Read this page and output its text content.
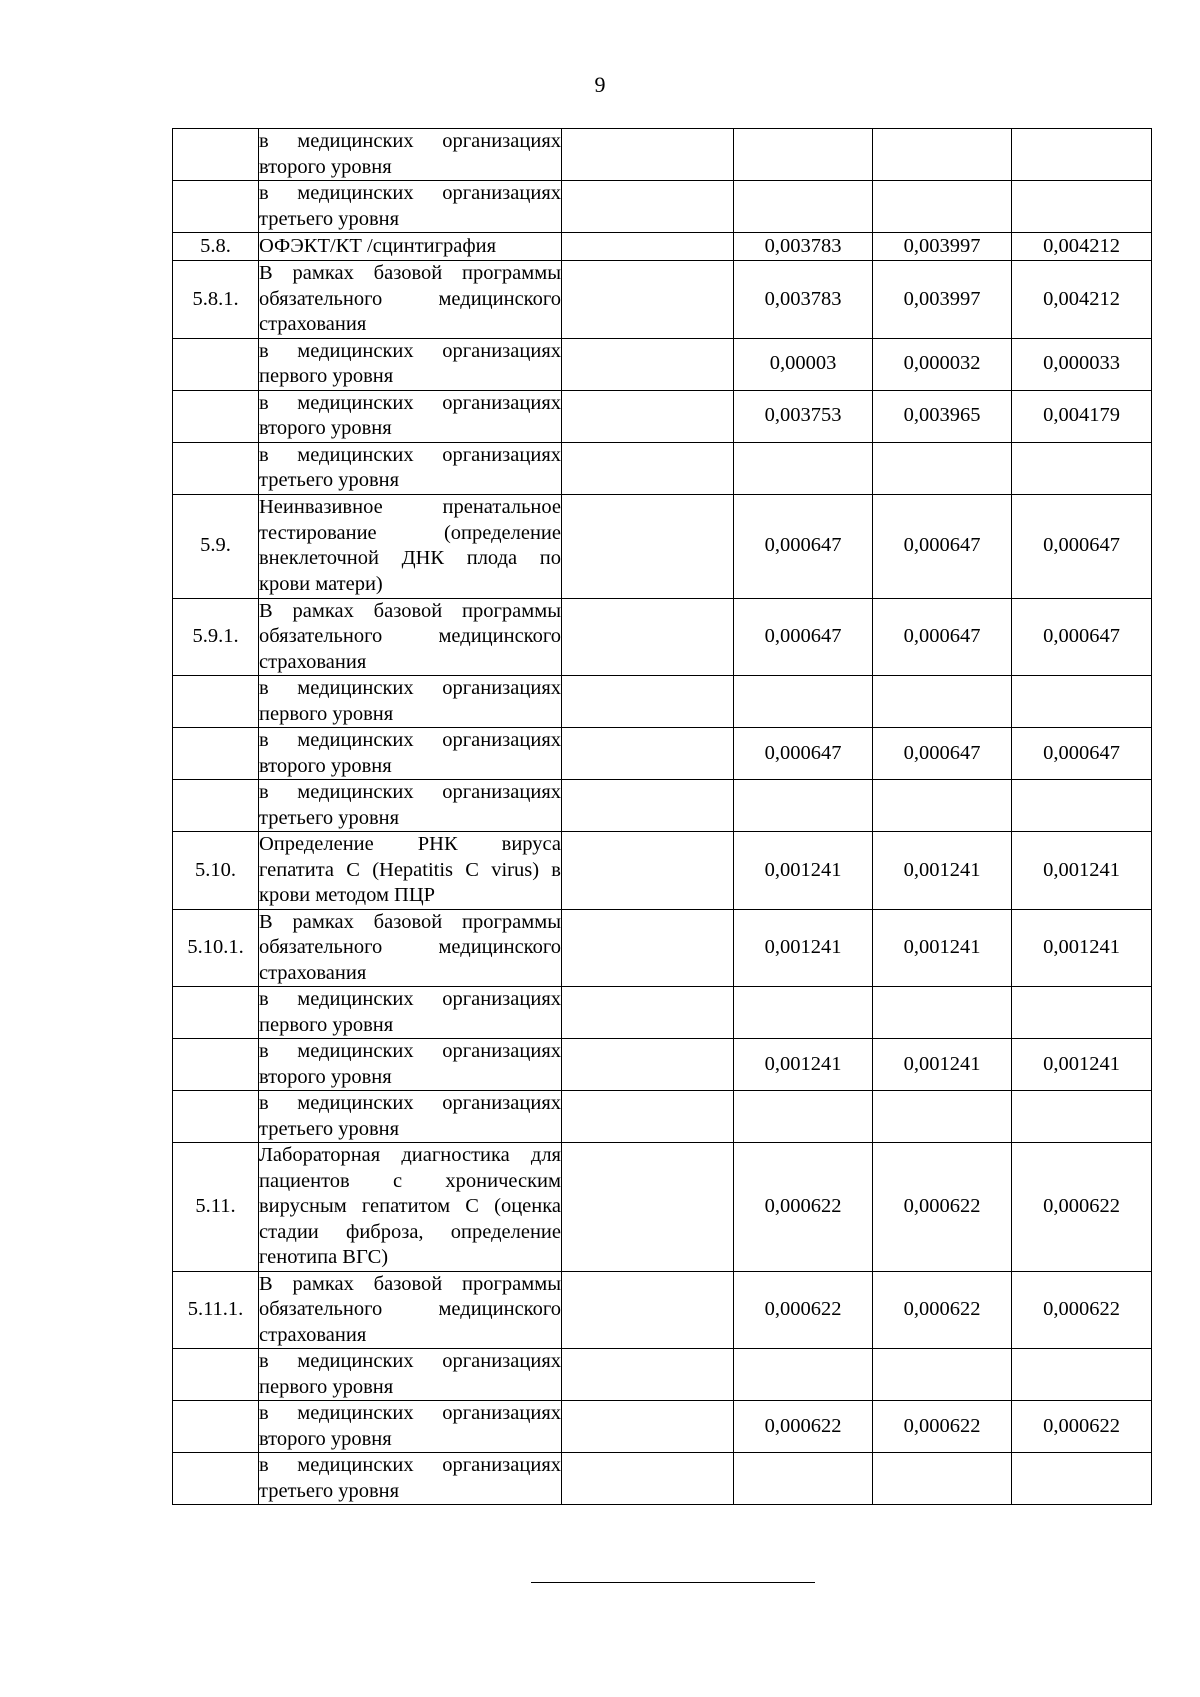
9
	в медицинских организациях второго уровня				
	в медицинских организациях третьего уровня				
5.8.	ОФЭКТ/КТ /сцинтиграфия		0,003783	0,003997	0,004212
5.8.1.	В рамках базовой программы обязательного медицинского страхования		0,003783	0,003997	0,004212
	в медицинских организациях первого уровня		0,00003	0,000032	0,000033
	в медицинских организациях второго уровня		0,003753	0,003965	0,004179
	в медицинских организациях третьего уровня				
5.9.	Неинвазивное пренатальное тестирование (определение внеклеточной ДНК плода по крови матери)		0,000647	0,000647	0,000647
5.9.1.	В рамках базовой программы обязательного медицинского страхования		0,000647	0,000647	0,000647
	в медицинских организациях первого уровня				
	в медицинских организациях второго уровня		0,000647	0,000647	0,000647
	в медицинских организациях третьего уровня				
5.10.	Определение РНК вируса гепатита C (Hepatitis C virus) в крови методом ПЦР		0,001241	0,001241	0,001241
5.10.1.	В рамках базовой программы обязательного медицинского страхования		0,001241	0,001241	0,001241
	в медицинских организациях первого уровня				
	в медицинских организациях второго уровня		0,001241	0,001241	0,001241
	в медицинских организациях третьего уровня				
5.11.	Лабораторная диагностика для пациентов с хроническим вирусным гепатитом C (оценка стадии фиброза, определение генотипа ВГС)		0,000622	0,000622	0,000622
5.11.1.	В рамках базовой программы обязательного медицинского страхования		0,000622	0,000622	0,000622
	в медицинских организациях первого уровня				
	в медицинских организациях второго уровня		0,000622	0,000622	0,000622
	в медицинских организациях третьего уровня				
